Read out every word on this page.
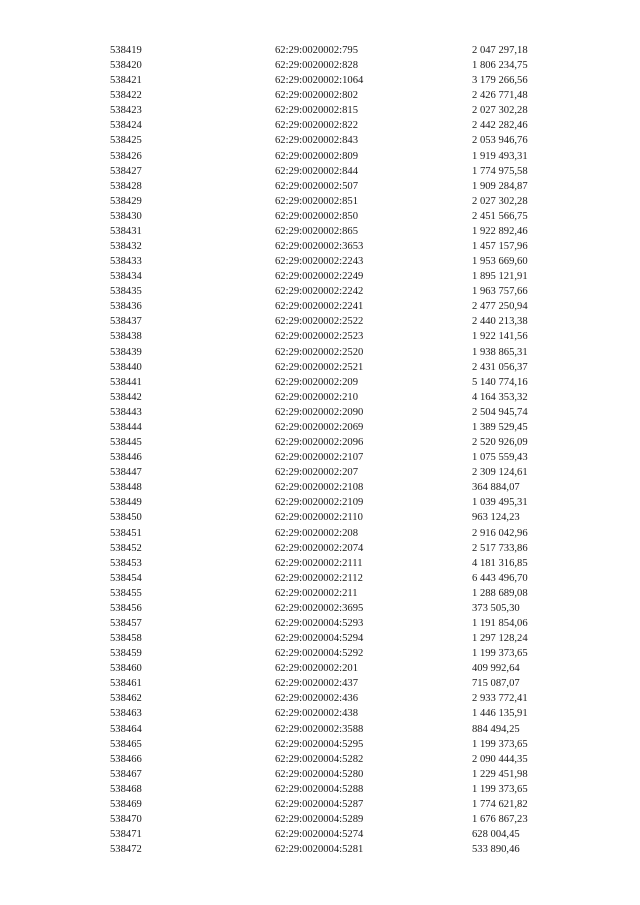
538419	62:29:0020002:795	2 047 297,18
538420	62:29:0020002:828	1 806 234,75
538421	62:29:0020002:1064	3 179 266,56
538422	62:29:0020002:802	2 426 771,48
538423	62:29:0020002:815	2 027 302,28
538424	62:29:0020002:822	2 442 282,46
538425	62:29:0020002:843	2 053 946,76
538426	62:29:0020002:809	1 919 493,31
538427	62:29:0020002:844	1 774 975,58
538428	62:29:0020002:507	1 909 284,87
538429	62:29:0020002:851	2 027 302,28
538430	62:29:0020002:850	2 451 566,75
538431	62:29:0020002:865	1 922 892,46
538432	62:29:0020002:3653	1 457 157,96
538433	62:29:0020002:2243	1 953 669,60
538434	62:29:0020002:2249	1 895 121,91
538435	62:29:0020002:2242	1 963 757,66
538436	62:29:0020002:2241	2 477 250,94
538437	62:29:0020002:2522	2 440 213,38
538438	62:29:0020002:2523	1 922 141,56
538439	62:29:0020002:2520	1 938 865,31
538440	62:29:0020002:2521	2 431 056,37
538441	62:29:0020002:209	5 140 774,16
538442	62:29:0020002:210	4 164 353,32
538443	62:29:0020002:2090	2 504 945,74
538444	62:29:0020002:2069	1 389 529,45
538445	62:29:0020002:2096	2 520 926,09
538446	62:29:0020002:2107	1 075 559,43
538447	62:29:0020002:207	2 309 124,61
538448	62:29:0020002:2108	364 884,07
538449	62:29:0020002:2109	1 039 495,31
538450	62:29:0020002:2110	963 124,23
538451	62:29:0020002:208	2 916 042,96
538452	62:29:0020002:2074	2 517 733,86
538453	62:29:0020002:2111	4 181 316,85
538454	62:29:0020002:2112	6 443 496,70
538455	62:29:0020002:211	1 288 689,08
538456	62:29:0020002:3695	373 505,30
538457	62:29:0020004:5293	1 191 854,06
538458	62:29:0020004:5294	1 297 128,24
538459	62:29:0020004:5292	1 199 373,65
538460	62:29:0020002:201	409 992,64
538461	62:29:0020002:437	715 087,07
538462	62:29:0020002:436	2 933 772,41
538463	62:29:0020002:438	1 446 135,91
538464	62:29:0020002:3588	884 494,25
538465	62:29:0020004:5295	1 199 373,65
538466	62:29:0020004:5282	2 090 444,35
538467	62:29:0020004:5280	1 229 451,98
538468	62:29:0020004:5288	1 199 373,65
538469	62:29:0020004:5287	1 774 621,82
538470	62:29:0020004:5289	1 676 867,23
538471	62:29:0020004:5274	628 004,45
538472	62:29:0020004:5281	533 890,46
